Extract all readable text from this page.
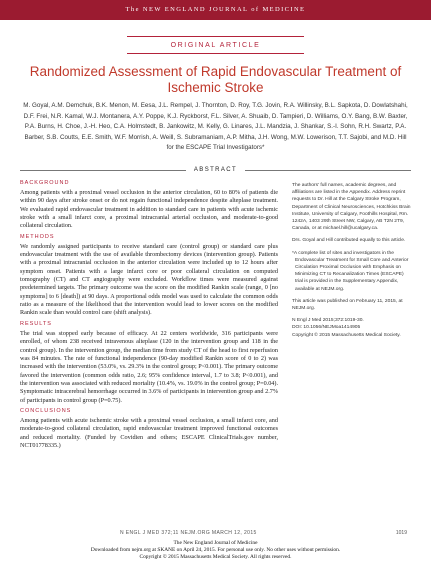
The NEW ENGLAND JOURNAL of MEDICINE
ORIGINAL ARTICLE
Randomized Assessment of Rapid Endovascular Treatment of Ischemic Stroke
M. Goyal, A.M. Demchuk, B.K. Menon, M. Eesa, J.L. Rempel, J. Thornton, D. Roy, T.G. Jovin, R.A. Willinsky, B.L. Sapkota, D. Dowlatshahi, D.F. Frei, N.R. Kamal, W.J. Montanera, A.Y. Poppe, K.J. Ryckborst, F.L. Silver, A. Shuaib, D. Tampieri, D. Williams, O.Y. Bang, B.W. Baxter, P.A. Burns, H. Choe, J.-H. Heo, C.A. Holmstedt, B. Jankowitz, M. Kelly, G. Linares, J.L. Mandzia, J. Shankar, S.-I. Sohn, R.H. Swartz, P.A. Barber, S.B. Coutts, E.E. Smith, W.F. Morrish, A. Weill, S. Subramaniam, A.P. Mitha, J.H. Wong, M.W. Lowerison, T.T. Sajobi, and M.D. Hill for the ESCAPE Trial Investigators*
ABSTRACT
BACKGROUND

Among patients with a proximal vessel occlusion in the anterior circulation, 60 to 80% of patients die within 90 days after stroke onset or do not regain functional independence despite alteplase treatment. We evaluated rapid endovascular treatment in addition to standard care in patients with acute ischemic stroke with a small infarct core, a proximal intracranial arterial occlusion, and moderate-to-good collateral circulation.

METHODS

We randomly assigned participants to receive standard care (control group) or standard care plus endovascular treatment with the use of available thrombectomy devices (intervention group). Patients with a proximal intracranial occlusion in the anterior circulation were included up to 12 hours after symptom onset. Patients with a large infarct core or poor collateral circulation on computed tomography (CT) and CT angiography were excluded. Workflow times were measured against predetermined targets. The primary outcome was the score on the modified Rankin scale (range, 0 [no symptoms] to 6 [death]) at 90 days. A proportional odds model was used to calculate the common odds ratio as a measure of the likelihood that the intervention would lead to lower scores on the modified Rankin scale than would control care (shift analysis).

RESULTS

The trial was stopped early because of efficacy. At 22 centers worldwide, 316 participants were enrolled, of whom 238 received intravenous alteplase (120 in the intervention group and 118 in the control group). In the intervention group, the median time from study CT of the head to first reperfusion was 84 minutes. The rate of functional independence (90-day modified Rankin score of 0 to 2) was increased with the intervention (53.0%, vs. 29.3% in the control group; P<0.001). The primary outcome favored the intervention (common odds ratio, 2.6; 95% confidence interval, 1.7 to 3.8; P<0.001), and the intervention was associated with reduced mortality (10.4%, vs. 19.0% in the control group; P=0.04). Symptomatic intracerebral hemorrhage occurred in 3.6% of participants in intervention group and 2.7% of participants in control group (P=0.75).

CONCLUSIONS

Among patients with acute ischemic stroke with a proximal vessel occlusion, a small infarct core, and moderate-to-good collateral circulation, rapid endovascular treatment improved functional outcomes and reduced mortality. (Funded by Covidien and others; ESCAPE ClinicalTrials.gov number, NCT01778335.)

The authors' full names, academic degrees, and affiliations are listed in the Appendix. Address reprint requests to Dr. Hill at the Calgary Stroke Program, Department of Clinical Neurosciences, Hotchkiss Brain Institute, University of Calgary, Foothills Hospital, Rm. 1242A, 1403 29th Street NW, Calgary, AB T2N 2T9, Canada, or at michael.hill@ucalgary.ca.

Drs. Goyal and Hill contributed equally to this article.

*A complete list of sites and investigators in the Endovascular Treatment for Small Core and Anterior Circulation Proximal Occlusion with Emphasis on Minimizing CT to Recanalization Times (ESCAPE) trial is provided in the Supplementary Appendix, available at NEJM.org.

This article was published on February 11, 2015, at NEJM.org.

N Engl J Med 2015;372:1019-30.

DOI: 10.1056/NEJMoa1414905

Copyright © 2015 Massachusetts Medical Society.

N ENGL J MED 372;11 NEJM.ORG MARCH 12, 2015	1019
The New England Journal of Medicine
Downloaded from nejm.org at SKANE on April 24, 2015. For personal use only. No other uses without permission.
Copyright © 2015 Massachusetts Medical Society. All rights reserved.
